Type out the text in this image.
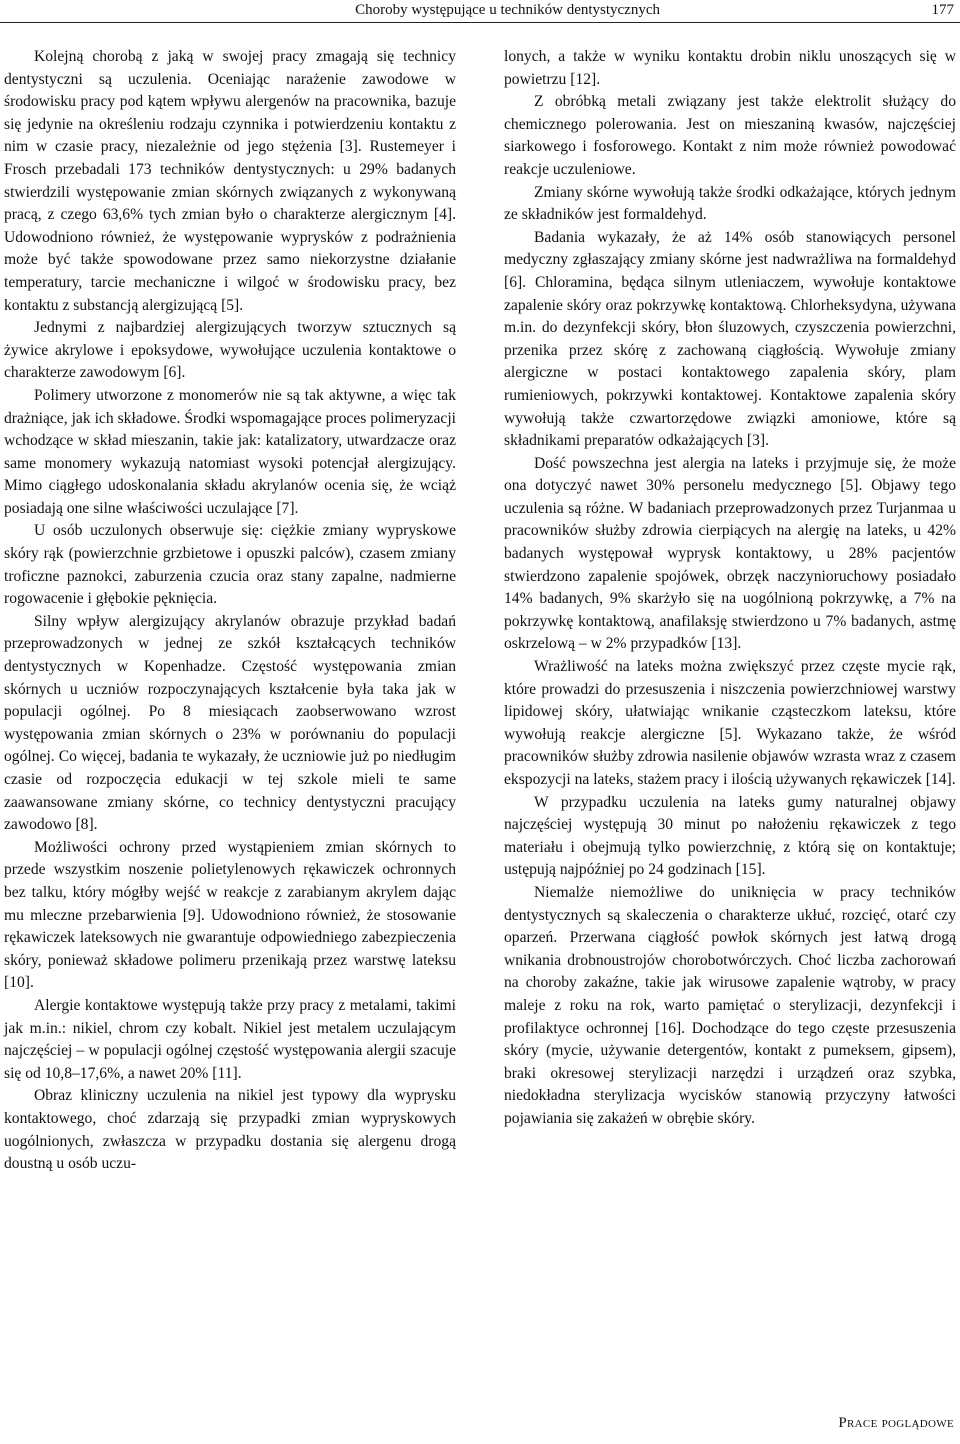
Choroby występujące u techników dentystycznych	177

Kolejną chorobą z jaką w swojej pracy zmagają się technicy dentystyczni są uczulenia. Oceniając narażenie zawodowe w środowisku pracy pod kątem wpływu alergenów na pracownika, bazuje się jedynie na określeniu rodzaju czynnika i potwierdzeniu kontaktu z nim w czasie pracy, niezależnie od jego stężenia [3]. Rustemeyer i Frosch przebadali 173 techników dentystycznych: u 29% badanych stwierdzili występowanie zmian skórnych związanych z wykonywaną pracą, z czego 63,6% tych zmian było o charakterze alergicznym [4]. Udowodniono również, że występowanie wyprysków z podrażnienia może być także spowodowane przez samo niekorzystne działanie temperatury, tarcie mechaniczne i wilgoć w środowisku pracy, bez kontaktu z substancją alergizującą [5].

Jednymi z najbardziej alergizujących tworzyw sztucznych są żywice akrylowe i epoksydowe, wywołujące uczulenia kontaktowe o charakterze zawodowym [6].

Polimery utworzone z monomerów nie są tak aktywne, a więc tak drażniące, jak ich składowe. Środki wspomagające proces polimeryzacji wchodzące w skład mieszanin, takie jak: katalizatory, utwardzacze oraz same monomery wykazują natomiast wysoki potencjał alergizujący. Mimo ciągłego udoskonalania składu akrylanów ocenia się, że wciąż posiadają one silne właściwości uczulające [7].

U osób uczulonych obserwuje się: ciężkie zmiany wypryskowe skóry rąk (powierzchnie grzbietowe i opuszki palców), czasem zmiany troficzne paznokci, zaburzenia czucia oraz stany zapalne, nadmierne rogowacenie i głębokie pęknięcia.

Silny wpływ alergizujący akrylanów obrazuje przykład badań przeprowadzonych w jednej ze szkół kształcących techników dentystycznych w Kopenhadze. Częstość występowania zmian skórnych u uczniów rozpoczynających kształcenie była taka jak w populacji ogólnej. Po 8 miesiącach zaobserwowano wzrost występowania zmian skórnych o 23% w porównaniu do populacji ogólnej. Co więcej, badania te wykazały, że uczniowie już po niedługim czasie od rozpoczęcia edukacji w tej szkole mieli te same zaawansowane zmiany skórne, co technicy dentystyczni pracujący zawodowo [8].

Możliwości ochrony przed wystąpieniem zmian skórnych to przede wszystkim noszenie polietylenowych rękawiczek ochronnych bez talku, który mógłby wejść w reakcje z zarabianym akrylem dając mu mleczne przebarwienia [9]. Udowodniono również, że stosowanie rękawiczek lateksowych nie gwarantuje odpowiedniego zabezpieczenia skóry, ponieważ składowe polimeru przenikają przez warstwę lateksu [10].

Alergie kontaktowe występują także przy pracy z metalami, takimi jak m.in.: nikiel, chrom czy kobalt. Nikiel jest metalem uczulającym najczęściej – w populacji ogólnej częstość występowania alergii szacuje się od 10,8–17,6%, a nawet 20% [11].

Obraz kliniczny uczulenia na nikiel jest typowy dla wyprysku kontaktowego, choć zdarzają się przypadki zmian wypryskowych uogólnionych, zwłaszcza w przypadku dostania się alergenu drogą doustną u osób uczu-

lonych, a także w wyniku kontaktu drobin niklu unoszących się w powietrzu [12].

Z obróbką metali związany jest także elektrolit służący do chemicznego polerowania. Jest on mieszaniną kwasów, najczęściej siarkowego i fosforowego. Kontakt z nim może również powodować reakcje uczuleniowe.

Zmiany skórne wywołują także środki odkażające, których jednym ze składników jest formaldehyd.

Badania wykazały, że aż 14% osób stanowiących personel medyczny zgłaszający zmiany skórne jest nadwrażliwa na formaldehyd [6]. Chloramina, będąca silnym utleniaczem, wywołuje kontaktowe zapalenie skóry oraz pokrzywkę kontaktową. Chlorheksydyna, używana m.in. do dezynfekcji skóry, błon śluzowych, czyszczenia powierzchni, przenika przez skórę z zachowaną ciągłością. Wywołuje zmiany alergiczne w postaci kontaktowego zapalenia skóry, plam rumieniowych, pokrzywki kontaktowej. Kontaktowe zapalenia skóry wywołują także czwartorzędowe związki amoniowe, które są składnikami preparatów odkażających [3].

Dość powszechna jest alergia na lateks i przyjmuje się, że może ona dotyczyć nawet 30% personelu medycznego [5]. Objawy tego uczulenia są różne. W badaniach przeprowadzonych przez Turjanmaa u pracowników służby zdrowia cierpiących na alergię na lateks, u 42% badanych występował wyprysk kontaktowy, u 28% pacjentów stwierdzono zapalenie spojówek, obrzęk naczynioruchowy posiadało 14% badanych, 9% skarżyło się na uogólnioną pokrzywkę, a 7% na pokrzywkę kontaktową, anafilaksję stwierdzono u 7% badanych, astmę oskrzelową – w 2% przypadków [13].

Wrażliwość na lateks można zwiększyć przez częste mycie rąk, które prowadzi do przesuszenia i niszczenia powierzchniowej warstwy lipidowej skóry, ułatwiając wnikanie cząsteczkom lateksu, które wywołują reakcje alergiczne [5]. Wykazano także, że wśród pracowników służby zdrowia nasilenie objawów wzrasta wraz z czasem ekspozycji na lateks, stażem pracy i ilością używanych rękawiczek [14].

W przypadku uczulenia na lateks gumy naturalnej objawy najczęściej występują 30 minut po nałożeniu rękawiczek z tego materiału i obejmują tylko powierzchnię, z którą się on kontaktuje; ustępują najpóźniej po 24 godzinach [15].

Niemalże niemożliwe do uniknięcia w pracy techników dentystycznych są skaleczenia o charakterze ukłuć, rozcięć, otarć czy oparzeń. Przerwana ciągłość powłok skórnych jest łatwą drogą wnikania drobnoustrojów chorobotwórczych. Choć liczba zachorowań na choroby zakaźne, takie jak wirusowe zapalenie wątroby, w pracy maleje z roku na rok, warto pamiętać o sterylizacji, dezynfekcji i profilaktyce ochronnej [16]. Dochodzące do tego częste przesuszenia skóry (mycie, używanie detergentów, kontakt z pumeksem, gipsem), braki okresowej sterylizacji narzędzi i urządzeń oraz szybka, niedokładna sterylizacja wycisków stanowią przyczyny łatwości pojawiania się zakażeń w obrębie skóry.

Prace poglądowe
